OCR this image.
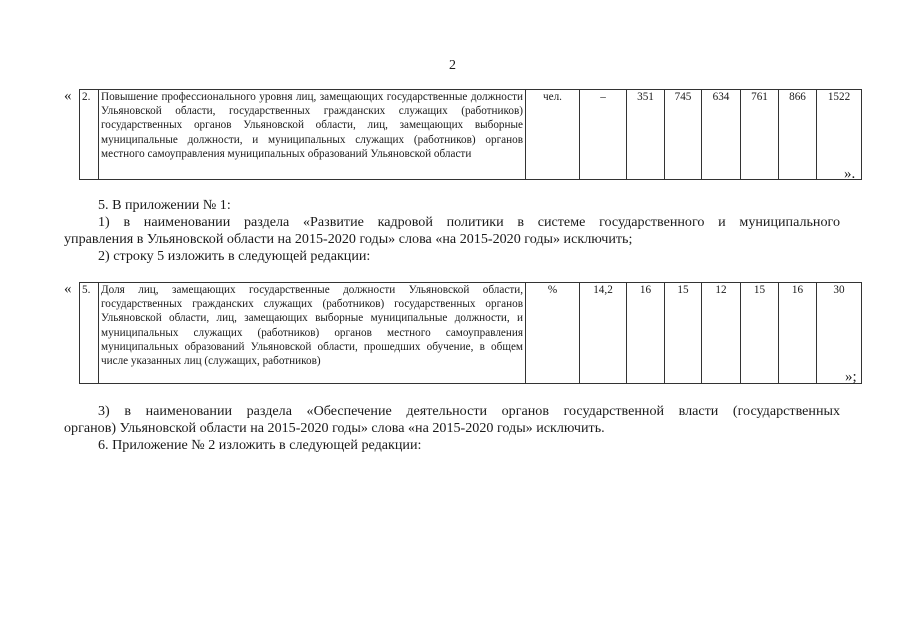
2
« 2.	Повышение профессионального уровня лиц, замещающих государственные должности Ульяновской области, государственных гражданских служащих (работников) государственных органов Ульяновской области, лиц, замещающих выборные муниципальные должности, и муниципальных служащих (работников) органов местного самоуправления муниципальных образований Ульяновской области	чел.	–	351	745	634	761	866	1522
».
5. В приложении № 1:
1) в наименовании раздела «Развитие кадровой политики в системе государственного и муниципального
управления в Ульяновской области на 2015-2020 годы» слова «на 2015-2020 годы» исключить;
2) строку 5 изложить в следующей редакции:
« 5.	Доля лиц, замещающих государственные должности Ульяновской области, государственных гражданских служащих (работников) государственных органов Ульяновской области, лиц, замещающих выборные муниципальные должности, и муниципальных служащих (работников) органов местного самоуправления муниципальных образований Ульяновской области, прошедших обучение, в общем числе указанных лиц (служащих, работников)	%	14,2	16	15	12	15	16	30
»;
3) в наименовании раздела «Обеспечение деятельности органов государственной власти (государственных
органов) Ульяновской области на 2015-2020 годы» слова «на 2015-2020 годы» исключить.
6. Приложение № 2 изложить в следующей редакции:
